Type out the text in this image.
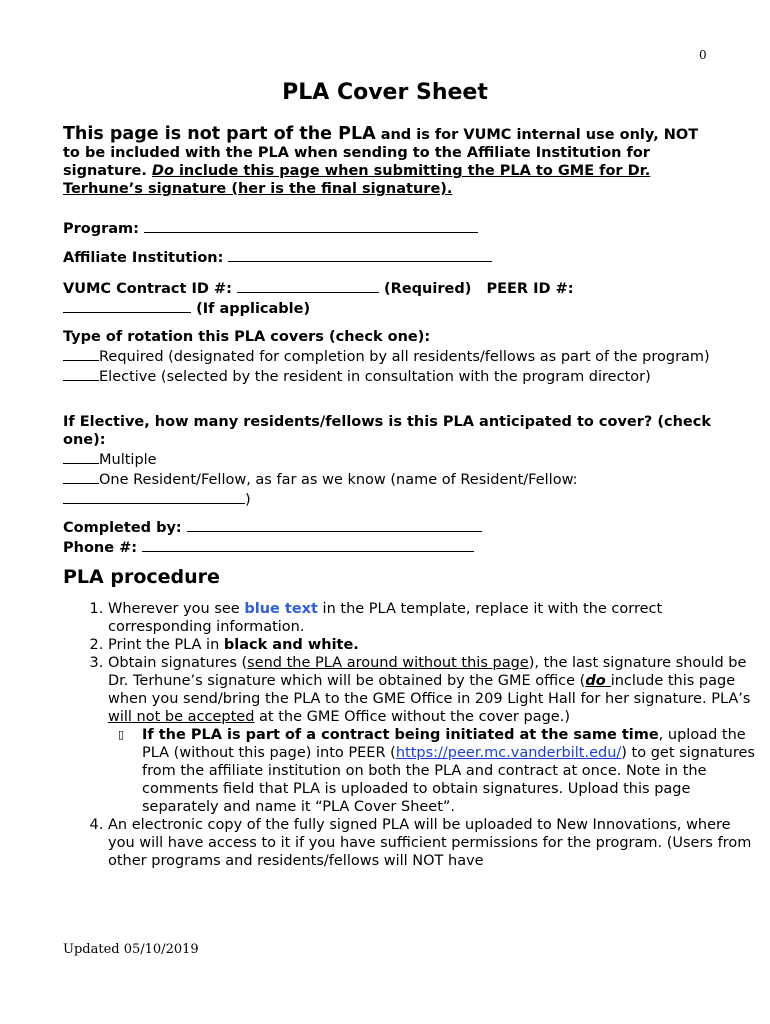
0
PLA Cover Sheet
This page is not part of the PLA and is for VUMC internal use only, NOT to be included with the PLA when sending to the Affiliate Institution for signature. Do include this page when submitting the PLA to GME for Dr. Terhune’s signature (her is the final signature).
Program:
Affiliate Institution:
VUMC Contract ID #:	(Required) PEER ID #:
(If applicable)
Type of rotation this PLA covers (check one):
Required (designated for completion by all residents/fellows as part of the program)
Elective (selected by the resident in consultation with the program director)
If Elective, how many residents/fellows is this PLA anticipated to cover? (check one):
Multiple
One Resident/Fellow, as far as we know (name of Resident/Fellow:
)
Completed by:
Phone #:
PLA procedure
1. Wherever you see blue text in the PLA template, replace it with the correct corresponding information.
2. Print the PLA in black and white.
3. Obtain signatures (send the PLA around without this page), the last signature should be Dr. Terhune’s signature which will be obtained by the GME office (do include this page when you send/bring the PLA to the GME Office in 209 Light Hall for her signature. PLA’s will not be accepted at the GME Office without the cover page.)
▯ If the PLA is part of a contract being initiated at the same time, upload the PLA (without this page) into PEER (https://peer.mc.vanderbilt.edu/) to get signatures from the affiliate institution on both the PLA and contract at once. Note in the comments field that PLA is uploaded to obtain signatures. Upload this page separately and name it “PLA Cover Sheet”.
4. An electronic copy of the fully signed PLA will be uploaded to New Innovations, where you will have access to it if you have sufficient permissions for the program. (Users from other programs and residents/fellows will NOT have
Updated 05/10/2019
